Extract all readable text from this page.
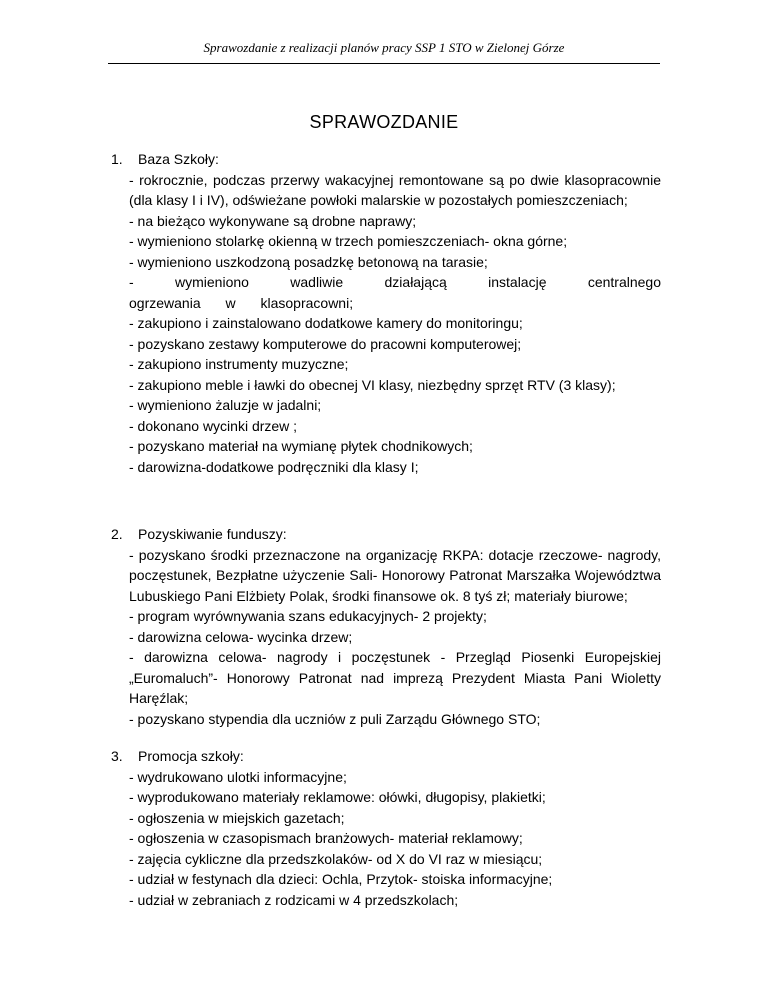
Sprawozdanie z realizacji planów pracy SSP 1 STO w Zielonej Górze
SPRAWOZDANIE
1. Baza Szkoły:

- rokrocznie, podczas przerwy wakacyjnej remontowane są po dwie klasopracownie (dla klasy I i IV), odświeżane powłoki malarskie w pozostałych pomieszczeniach;

- na bieżąco wykonywane są drobne naprawy;

- wymieniono stolarkę okienną w trzech pomieszczeniach- okna górne;

- wymieniono uszkodzoną posadzkę betonową na tarasie;

- wymieniono wadliwie działającą instalację centralnego ogrzewania w klasopracowni;

- zakupiono i zainstalowano dodatkowe kamery do monitoringu;

- pozyskano zestawy komputerowe do pracowni komputerowej;

- zakupiono instrumenty muzyczne;

- zakupiono meble i ławki do obecnej VI klasy, niezbędny sprzęt RTV (3 klasy);

- wymieniono żaluzje w jadalni;

- dokonano wycinki drzew ;

- pozyskano materiał na wymianę płytek chodnikowych;

- darowizna-dodatkowe podręczniki dla klasy I;

2. Pozyskiwanie funduszy:

- pozyskano środki przeznaczone na organizację RKPA: dotacje rzeczowe- nagrody, poczęstunek, Bezpłatne użyczenie Sali- Honorowy Patronat Marszałka Województwa Lubuskiego Pani Elżbiety Polak, środki finansowe ok. 8 tyś zł; materiały biurowe;

- program wyrównywania szans edukacyjnych- 2 projekty;

- darowizna celowa- wycinka drzew;

- darowizna celowa- nagrody i poczęstunek - Przegląd Piosenki Europejskiej „Euromaluch”- Honorowy Patronat nad imprezą Prezydent Miasta Pani Wioletty Haręźlak;

- pozyskano stypendia dla uczniów z puli Zarządu Głównego STO;

3. Promocja szkoły:

- wydrukowano ulotki informacyjne;

- wyprodukowano materiały reklamowe: ołówki, długopisy, plakietki;

- ogłoszenia w miejskich gazetach;

- ogłoszenia w czasopismach branżowych- materiał reklamowy;

- zajęcia cykliczne dla przedszkolaków- od X do VI raz w miesiącu;

- udział w festynach dla dzieci: Ochla, Przytok- stoiska informacyjne;

- udział w zebraniach z rodzicami w 4 przedszkolach;
